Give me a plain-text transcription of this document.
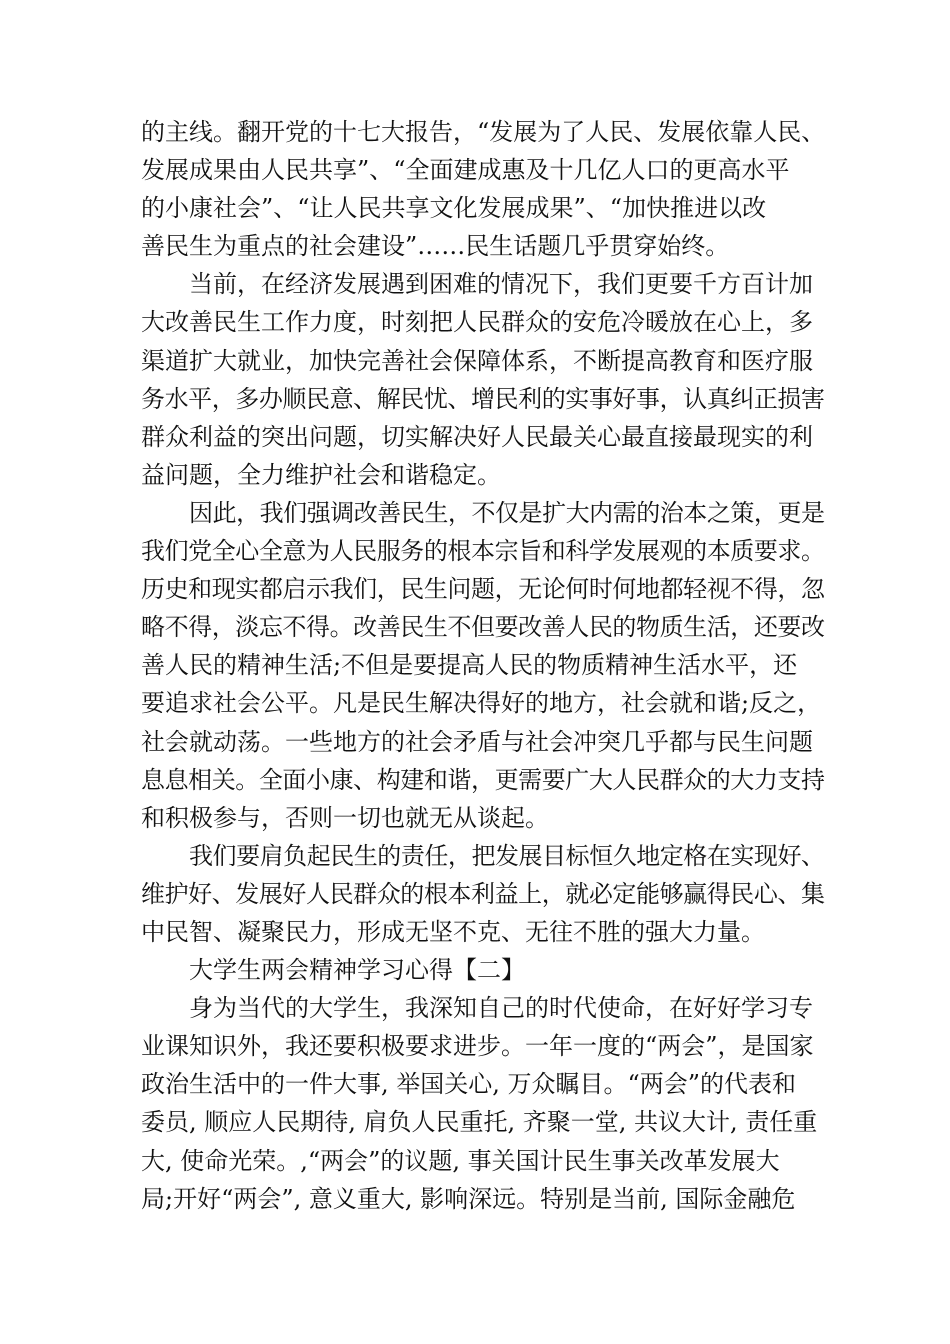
的主线。翻开党的十七大报告，“发展为了人民、发展依靠人民、
发展成果由人民共享”、“全面建成惠及十几亿人口的更高水平
的小康社会”、“让人民共享文化发展成果”、“加快推进以改
善民生为重点的社会建设”……民生话题几乎贯穿始终。
当前，在经济发展遇到困难的情况下，我们更要千方百计加
大改善民生工作力度，时刻把人民群众的安危冷暖放在心上，多
渠道扩大就业，加快完善社会保障体系，不断提高教育和医疗服
务水平，多办顺民意、解民忧、增民利的实事好事，认真纠正损害
群众利益的突出问题，切实解决好人民最关心最直接最现实的利
益问题，全力维护社会和谐稳定。
因此，我们强调改善民生，不仅是扩大内需的治本之策，更是
我们党全心全意为人民服务的根本宗旨和科学发展观的本质要求。
历史和现实都启示我们，民生问题，无论何时何地都轻视不得，忽
略不得，淡忘不得。改善民生不但要改善人民的物质生活，还要改
善人民的精神生活;不但是要提高人民的物质精神生活水平，还
要追求社会公平。凡是民生解决得好的地方，社会就和谐;反之，
社会就动荡。一些地方的社会矛盾与社会冲突几乎都与民生问题
息息相关。全面小康、构建和谐，更需要广大人民群众的大力支持
和积极参与，否则一切也就无从谈起。
我们要肩负起民生的责任，把发展目标恒久地定格在实现好、
维护好、发展好人民群众的根本利益上，就必定能够赢得民心、集
中民智、凝聚民力，形成无坚不克、无往不胜的强大力量。
大学生两会精神学习心得【二】
身为当代的大学生，我深知自己的时代使命，在好好学习专
业课知识外，我还要积极要求进步。一年一度的“两会”，是国家
政治生活中的一件大事, 举国关心, 万众瞩目。“两会”的代表和
委员, 顺应人民期待, 肩负人民重托, 齐聚一堂, 共议大计, 责任重
大, 使命光荣。,“两会”的议题, 事关国计民生事关改革发展大
局;开好“两会”, 意义重大, 影响深远。特别是当前, 国际金融危
